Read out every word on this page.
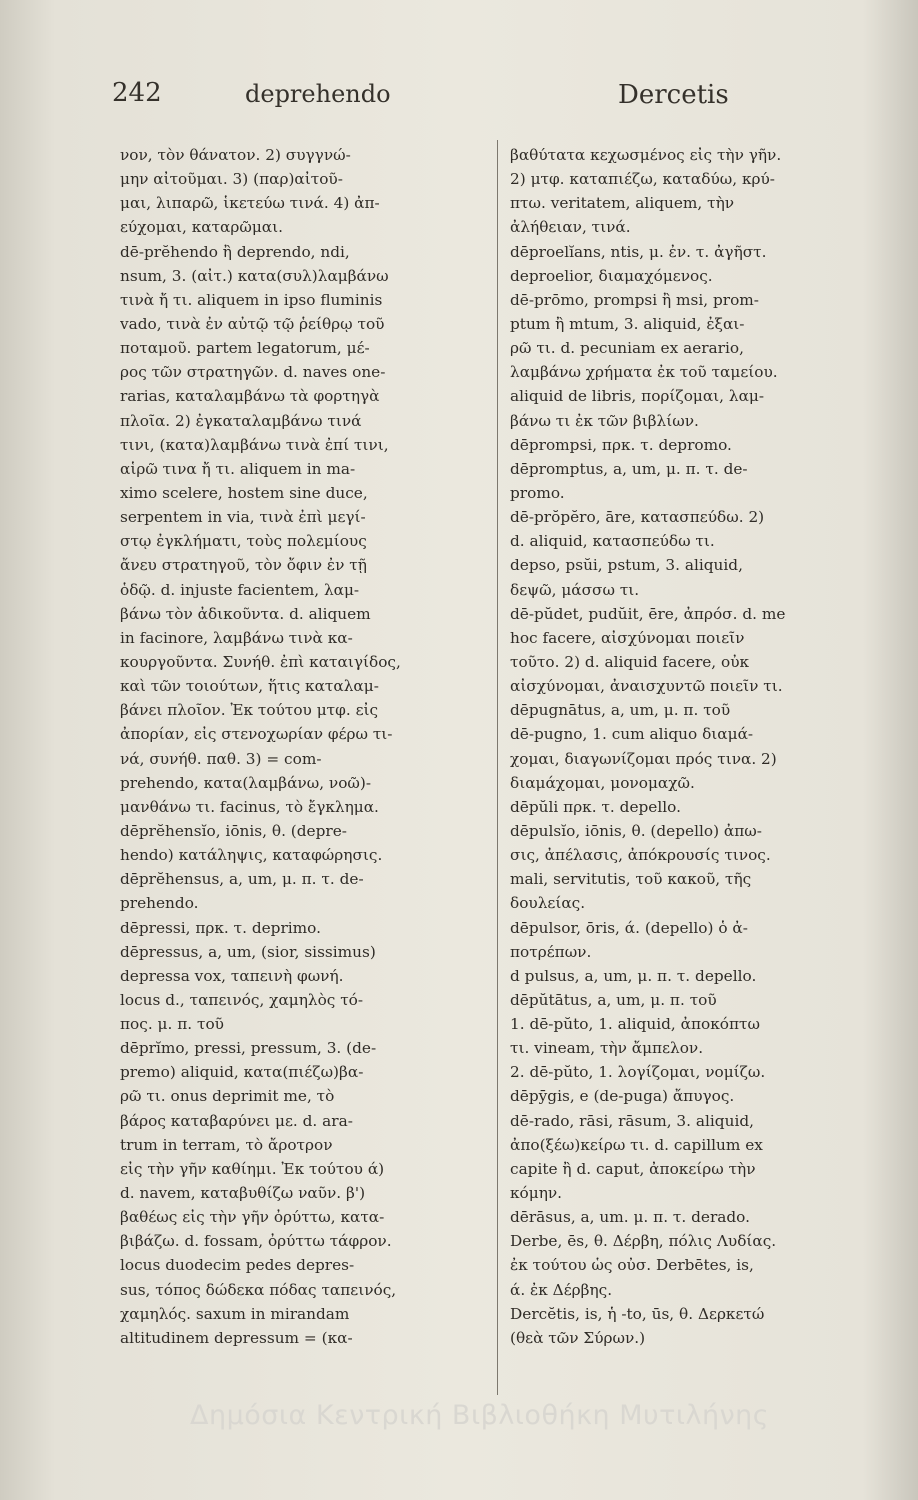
242	deprehendo	Dercetis
νον, τὸν θάνατον. 2) συγγνώ-
μην αἰτοῦμαι. 3) (παρ)αἰτοῦ-
μαι, λιπαρῶ, ἱκετεύω τινά. 4) ἀπ-
εύχομαι, καταρῶμαι.
dē-prĕhendo ἢ deprendo, ndi,
nsum, 3. (αἰτ.) κατα(συλ)λαμβάνω
τινὰ ἤ τι. aliquem in ipso fluminis
vado, τινὰ ἐν αὐτῷ τῷ ῥείθρῳ τοῦ
ποταμοῦ. partem legatorum, μέ-
ρος τῶν στρατηγῶν. d. naves one-
rarias, καταλαμβάνω τὰ φορτηγὰ
πλοῖα. 2) ἐγκαταλαμβάνω τινά
τινι, (κατα)λαμβάνω τινὰ ἐπί τινι,
αἱρῶ τινα ἤ τι. aliquem in ma-
ximo scelere, hostem sine duce,
serpentem in via, τινὰ ἐπὶ μεγί-
στῳ ἐγκλήματι, τοὺς πολεμίους
ἄνευ στρατηγοῦ, τὸν ὄφιν ἐν τῇ
ὁδῷ. d. injuste facientem, λαμ-
βάνω τὸν ἀδικοῦντα. d. aliquem
in facinore, λαμβάνω τινὰ κα-
κουργοῦντα. Συνήθ. ἐπὶ καταιγίδος,
καὶ τῶν τοιούτων, ἥτις καταλαμ-
βάνει πλοῖον. Ἐκ τούτου μτφ. εἰς
ἀπορίαν, εἰς στενοχωρίαν φέρω τι-
νά, συνήθ. παθ. 3) = com-
prehendo, κατα(λαμβάνω, νοῶ)-
μανθάνω τι. facinus, τὸ ἔγκλημα.
dēprĕhensĭo, iōnis, θ. (depre-
hendo) κατάληψις, καταφώρησις.
dēprĕhensus, a, um, μ. π. τ. de-
prehendo.
dēpressi, πρκ. τ. deprimo.
dēpressus, a, um, (sior, sissimus)
depressa vox, ταπεινὴ φωνή.
locus d., ταπεινός, χαμηλὸς τό-
πος. μ. π. τοῦ
dēprĭmo, pressi, pressum, 3. (de-
premo) aliquid, κατα(πιέζω)βα-
ρῶ τι. onus deprimit me, τὸ
βάρος καταβαρύνει με. d. ara-
trum in terram, τὸ ἄροτρον
εἰς τὴν γῆν καθίημι. Ἐκ τούτου ά)
d. navem, καταβυθίζω ναῦν. β')
βαθέως εἰς τὴν γῆν ὀρύττω, κατα-
βιβάζω. d. fossam, ὀρύττω τάφρον.
locus duodecim pedes depres-
sus, τόπος δώδεκα πόδας ταπεινός,
χαμηλός. saxum in mirandam
altitudinem depressum = (κα-
βαθύτατα κεχωσμένος εἰς τὴν γῆν.
2) μτφ. καταπιέζω, καταδύω, κρύ-
πτω. veritatem, aliquem, τὴν
ἀλήθειαν, τινά.
dēproelĭans, ntis, μ. ἐν. τ. ἀγῆστ.
deproelior, διαμαχόμενος.
dē-prōmo, prompsi ἢ msi, prom-
ptum ἢ mtum, 3. aliquid, ἐξαι-
ρῶ τι. d. pecuniam ex aerario,
λαμβάνω χρήματα ἐκ τοῦ ταμείου.
aliquid de libris, πορίζομαι, λαμ-
βάνω τι ἐκ τῶν βιβλίων.
dēprompsi, πρκ. τ. depromo.
dēpromptus, a, um, μ. π. τ. de-
promo.
dē-prŏpĕro, āre, κατασπεύδω. 2)
d. aliquid, κατασπεύδω τι.
depso, psŭi, pstum, 3. aliquid,
δεψῶ, μάσσω τι.
dē-pŭdet, pudŭit, ēre, ἀπρόσ. d. me
hoc facere, αἰσχύνομαι ποιεῖν
τοῦτο. 2) d. aliquid facere, οὐκ
αἰσχύνομαι, ἀναισχυντῶ ποιεῖν τι.
dēpugnātus, a, um, μ. π. τοῦ
dē-pugno, 1. cum aliquo διαμά-
χομαι, διαγωνίζομαι πρός τινα. 2)
διαμάχομαι, μονομαχῶ.
dēpŭli πρκ. τ. depello.
dēpulsĭo, iōnis, θ. (depello) ἀπω-
σις, ἀπέλασις, ἀπόκρουσίς τινος.
mali, servitutis, τοῦ κακοῦ, τῆς
δουλείας.
dēpulsor, ōris, ά. (depello) ὁ ἀ-
ποτρέπων.
d pulsus, a, um, μ. π. τ. depello.
dēpŭtātus, a, um, μ. π. τοῦ
1. dē-pŭto, 1. aliquid, ἀποκόπτω
τι. vineam, τὴν ἄμπελον.
2. dē-pŭto, 1. λογίζομαι, νομίζω.
dēpȳgis, e (de-puga) ἄπυγος.
dē-rado, rāsi, rāsum, 3. aliquid,
ἀπο(ξέω)κείρω τι. d. capillum ex
capite ἢ d. caput, ἀποκείρω τὴν
κόμην.
dērāsus, a, um. μ. π. τ. derado.
Derbe, ēs, θ. Δέρβη, πόλις Λυδίας.
ἐκ τούτου ὡς οὐσ. Derbētes, is,
ά. ἐκ Δέρβης.
Dercĕtis, is, ἡ -to, ūs, θ. Δερκετώ
(θεὰ τῶν Σύρων.)
Δημόσια Κεντρική Βιβλιοθήκη Μυτιλήνης
